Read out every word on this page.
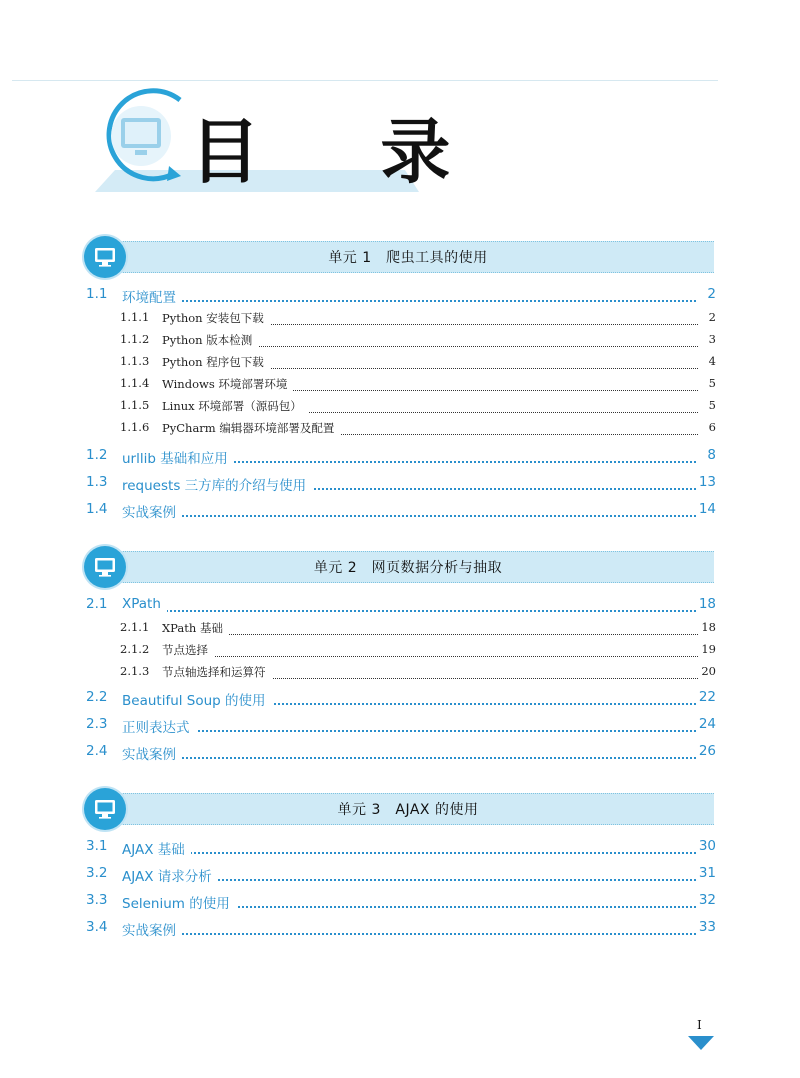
目 录
单元 1　爬虫工具的使用
1.1 环境配置	2
1.1.1 Python 安装包下载	2
1.1.2 Python 版本检测	3
1.1.3 Python 程序包下载	4
1.1.4 Windows 环境部署环境	5
1.1.5 Linux 环境部署（源码包）	5
1.1.6 PyCharm 编辑器环境部署及配置	6
1.2 urllib 基础和应用	8
1.3 requests 三方库的介绍与使用	13
1.4 实战案例	14
单元 2　网页数据分析与抽取
2.1 XPath	18
2.1.1 XPath 基础	18
2.1.2 节点选择	19
2.1.3 节点轴选择和运算符	20
2.2 Beautiful Soup 的使用	22
2.3 正则表达式	24
2.4 实战案例	26
单元 3　AJAX 的使用
3.1 AJAX 基础	30
3.2 AJAX 请求分析	31
3.3 Selenium 的使用	32
3.4 实战案例	33
I
